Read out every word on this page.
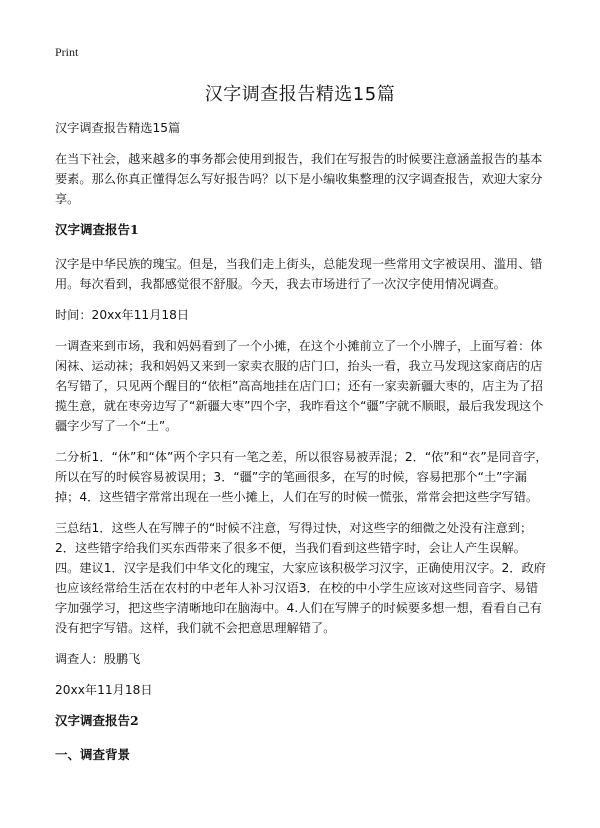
Print

汉字调查报告精选15篇

汉字调查报告精选15篇

在当下社会，越来越多的事务都会使用到报告，我们在写报告的时候要注意涵盖报告的基本要素。那么你真正懂得怎么写好报告吗？以下是小编收集整理的汉字调查报告，欢迎大家分享。

汉字调查报告1

汉字是中华民族的瑰宝。但是，当我们走上街头，总能发现一些常用文字被误用、滥用、错用。每次看到，我都感觉很不舒服。今天，我去市场进行了一次汉字使用情况调查。

时间：20xx年11月18日

一调查来到市场，我和妈妈看到了一个小摊，在这个小摊前立了一个小牌子，上面写着：体闲袜、运动袜；我和妈妈又来到一家卖衣服的店门口，抬头一看，我立马发现这家商店的店名写错了，只见两个醒目的“依柜”高高地挂在店门口；还有一家卖新疆大枣的，店主为了招揽生意，就在枣旁边写了“新疆大枣”四个字，我昨看这个“疆”字就不顺眼，最后我发现这个疆字少写了一个“土”。

二分析1．“休”和“体”两个字只有一笔之差，所以很容易被弄混；2．“依”和“衣”是同音字，所以在写的时候容易被误用；3．“疆”字的笔画很多，在写的时候，容易把那个“土”字漏掉；4．这些错字常常出现在一些小摊上，人们在写的时候一慌张，常常会把这些字写错。

三总结1．这些人在写牌子的“时候不注意，写得过快，对这些字的细微之处没有注意到；2．这些错字给我们买东西带来了很多不便，当我们看到这些错字时，会让人产生误解。四。建议1．汉字是我们中华文化的瑰宝，大家应该积极学习汉字，正确使用汉字。2．政府也应该经常给生活在农村的中老年人补习汉语3．在校的中小学生应该对这些同音字、易错字加强学习，把这些字清晰地印在脑海中。4.人们在写牌子的时候要多想一想，看看自己有没有把字写错。这样，我们就不会把意思理解错了。

调查人：殷鹏飞

20xx年11月18日

汉字调查报告2

一、调查背景
